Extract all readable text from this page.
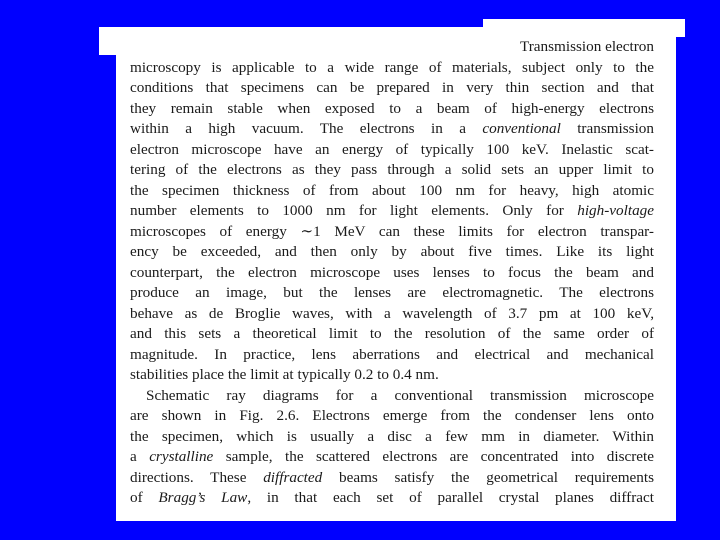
Transmission electron
microscopy is applicable to a wide range of materials, subject only to the
conditions that specimens can be prepared in very thin section and that
they remain stable when exposed to a beam of high-energy electrons
within a high vacuum. The electrons in a conventional transmission
electron microscope have an energy of typically 100 keV. Inelastic scat-
tering of the electrons as they pass through a solid sets an upper limit to
the specimen thickness of from about 100 nm for heavy, high atomic
number elements to 1000 nm for light elements. Only for high-voltage
microscopes of energy ∼1 MeV can these limits for electron transpar-
ency be exceeded, and then only by about five times. Like its light
counterpart, the electron microscope uses lenses to focus the beam and
produce an image, but the lenses are electromagnetic. The electrons
behave as de Broglie waves, with a wavelength of 3.7 pm at 100 keV,
and this sets a theoretical limit to the resolution of the same order of
magnitude. In practice, lens aberrations and electrical and mechanical
stabilities place the limit at typically 0.2 to 0.4 nm.
Schematic ray diagrams for a conventional transmission microscope
are shown in Fig. 2.6. Electrons emerge from the condenser lens onto
the specimen, which is usually a disc a few mm in diameter. Within
a crystalline sample, the scattered electrons are concentrated into discrete
directions. These diffracted beams satisfy the geometrical requirements
of Bragg’s Law, in that each set of parallel crystal planes diffract
